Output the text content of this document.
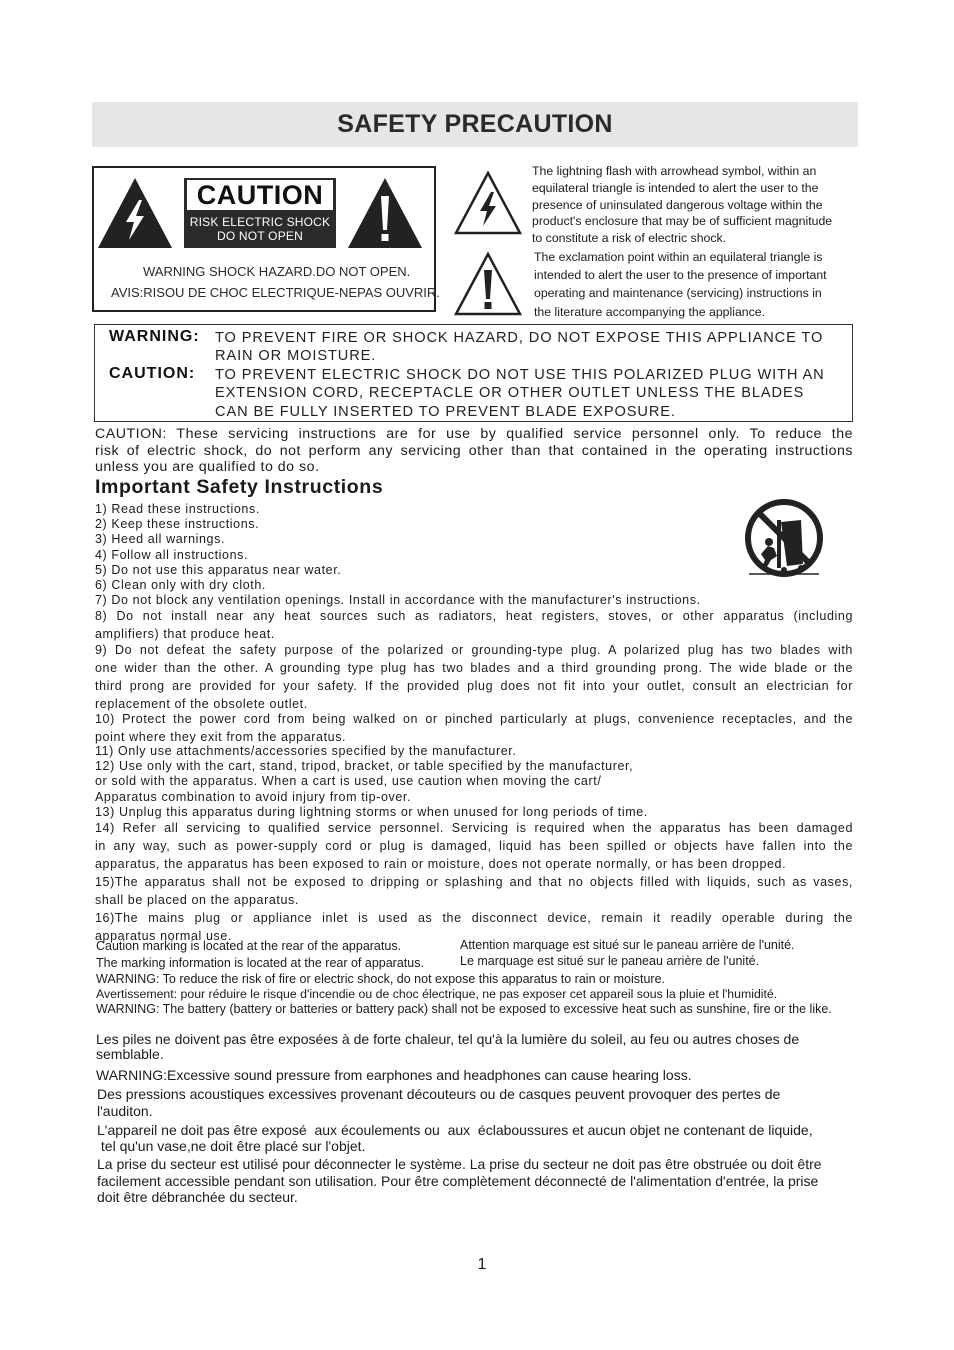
SAFETY PRECAUTION
CAUTION
RISK ELECTRIC SHOCK
DO NOT OPEN
WARNING SHOCK HAZARD.DO NOT OPEN.
AVIS:RISOU DE CHOC ELECTRIQUE-NEPAS OUVRIR.
The lightning flash with arrowhead symbol, within an
equilateral triangle is intended to alert the user to the
presence of uninsulated dangerous voltage within the
product's enclosure that may be of sufficient magnitude
to constitute a risk of electric shock.
The exclamation point within an equilateral triangle is
intended to alert the user to the presence of important
operating and maintenance (servicing) instructions in
the literature accompanying the appliance.
WARNING: TO PREVENT FIRE OR SHOCK HAZARD, DO NOT EXPOSE THIS APPLIANCE TO
RAIN OR MOISTURE.
CAUTION: TO PREVENT ELECTRIC SHOCK DO NOT USE THIS POLARIZED PLUG WITH AN
EXTENSION CORD, RECEPTACLE OR OTHER OUTLET UNLESS THE BLADES
CAN BE FULLY INSERTED TO PREVENT BLADE EXPOSURE.
CAUTION: These servicing instructions are for use by qualified service personnel only. To reduce the
risk of electric shock, do not perform any servicing other than that contained in the operating instructions
unless you are qualified to do so.
Important Safety Instructions
1) Read these instructions.
2) Keep these instructions.
3) Heed all warnings.
4) Follow all instructions.
5) Do not use this apparatus near water.
6) Clean only with dry cloth.
7) Do not block any ventilation openings. Install in accordance with the manufacturer's instructions.
8) Do not install near any heat sources such as radiators, heat registers, stoves, or other apparatus (including
amplifiers) that produce heat.
9) Do not defeat the safety purpose of the polarized or grounding-type plug. A polarized plug has two blades with
one wider than the other. A grounding type plug has two blades and a third grounding prong. The wide blade or the
third prong are provided for your safety. If the provided plug does not fit into your outlet, consult an electrician for
replacement of the obsolete outlet.
10) Protect the power cord from being walked on or pinched particularly at plugs, convenience receptacles, and the
point where they exit from the apparatus.
11) Only use attachments/accessories specified by the manufacturer.
12) Use only with the cart, stand, tripod, bracket, or table specified by the manufacturer,
or sold with the apparatus. When a cart is used, use caution when moving the cart/
Apparatus combination to avoid injury from tip-over.
13) Unplug this apparatus during lightning storms or when unused for long periods of time.
14) Refer all servicing to qualified service personnel. Servicing is required when the apparatus has been damaged
in any way, such as power-supply cord or plug is damaged, liquid has been spilled or objects have fallen into the
apparatus, the apparatus has been exposed to rain or moisture, does not operate normally, or has been dropped.
15)The apparatus shall not be exposed to dripping or splashing and that no objects filled with liquids, such as vases,
shall be placed on the apparatus.
16)The mains plug or appliance inlet is used as the disconnect device, remain it readily operable during the
apparatus normal use.
Caution marking is located at the rear of the apparatus.	Attention marquage est situé sur le paneau arrière de l'unité.
The marking information is located at the rear of apparatus.	Le marquage est situé sur le paneau arrière de l'unité.
WARNING: To reduce the risk of fire or electric shock, do not expose this apparatus to rain or moisture.
Avertissement: pour réduire le risque d'incendie ou de choc électrique, ne pas exposer cet appareil sous la pluie et l'humidité.
WARNING: The battery (battery or batteries or battery pack) shall not be exposed to excessive heat such as sunshine, fire or the like.
Les piles ne doivent pas être exposées à de forte chaleur, tel qu'à la lumière du soleil, au feu ou autres choses de semblable.
WARNING:Excessive sound pressure from earphones and headphones can cause hearing loss.
Des pressions acoustiques excessives provenant découteurs ou de casques peuvent provoquer des pertes de l'auditon.
L'appareil ne doit pas être exposé  aux écoulements ou  aux  éclaboussures et aucun objet ne contenant de liquide,
tel qu'un vase,ne doit être placé sur l'objet.
La prise du secteur est utilisé pour déconnecter le système. La prise du secteur ne doit pas être obstruée ou doit être facilement accessible pendant son utilisation. Pour être complètement déconnecté de l'alimentation d'entrée, la prise doit être débranchée du secteur.
1
